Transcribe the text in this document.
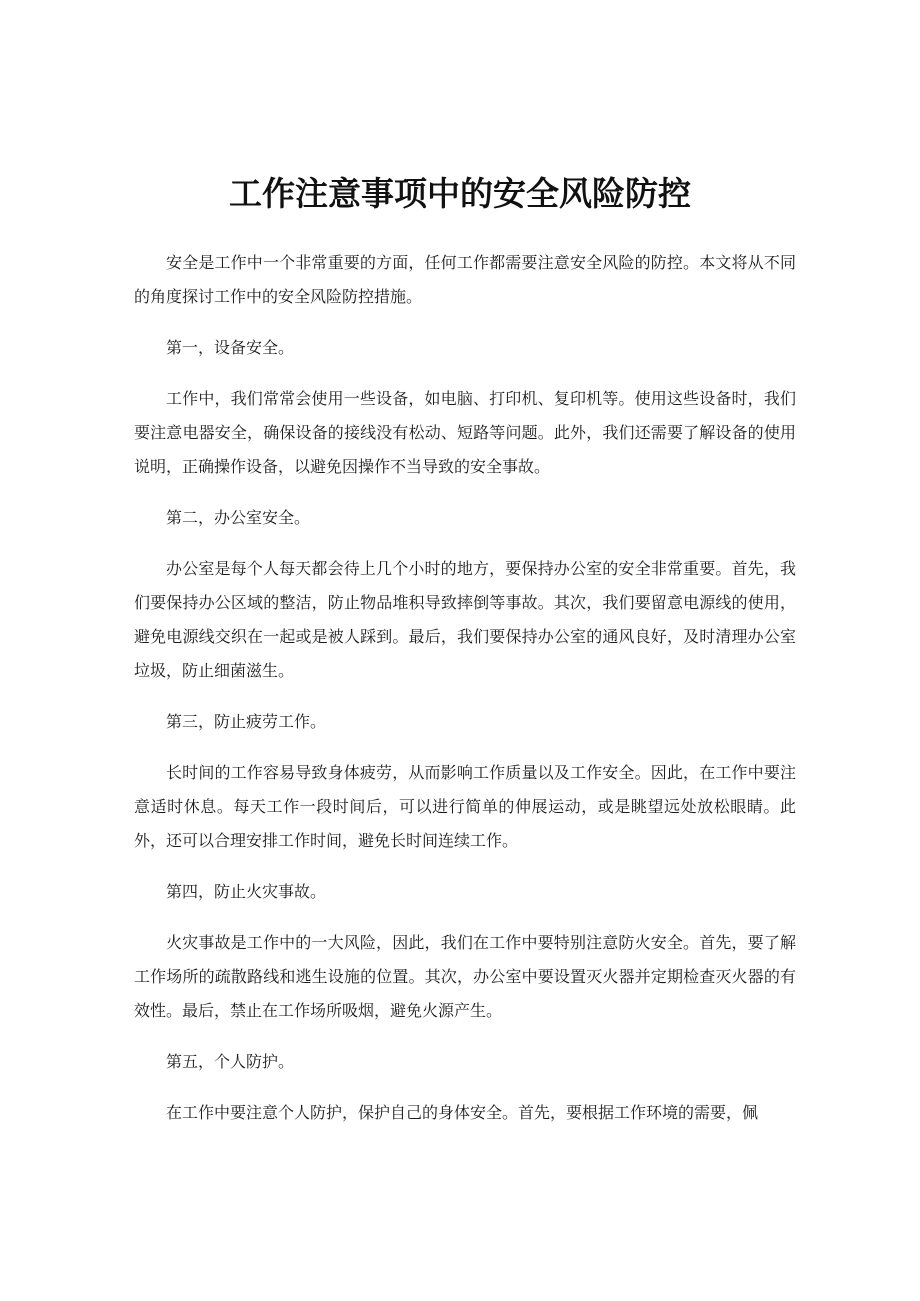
工作注意事项中的安全风险防控

安全是工作中一个非常重要的方面，任何工作都需要注意安全风险的防控。本文将从不同的角度探讨工作中的安全风险防控措施。

第一，设备安全。

工作中，我们常常会使用一些设备，如电脑、打印机、复印机等。使用这些设备时，我们要注意电器安全，确保设备的接线没有松动、短路等问题。此外，我们还需要了解设备的使用说明，正确操作设备，以避免因操作不当导致的安全事故。

第二，办公室安全。

办公室是每个人每天都会待上几个小时的地方，要保持办公室的安全非常重要。首先，我们要保持办公区域的整洁，防止物品堆积导致摔倒等事故。其次，我们要留意电源线的使用，避免电源线交织在一起或是被人踩到。最后，我们要保持办公室的通风良好，及时清理办公室垃圾，防止细菌滋生。

第三，防止疲劳工作。

长时间的工作容易导致身体疲劳，从而影响工作质量以及工作安全。因此，在工作中要注意适时休息。每天工作一段时间后，可以进行简单的伸展运动，或是眺望远处放松眼睛。此外，还可以合理安排工作时间，避免长时间连续工作。

第四，防止火灾事故。

火灾事故是工作中的一大风险，因此，我们在工作中要特别注意防火安全。首先，要了解工作场所的疏散路线和逃生设施的位置。其次，办公室中要设置灭火器并定期检查灭火器的有效性。最后，禁止在工作场所吸烟，避免火源产生。

第五，个人防护。

在工作中要注意个人防护，保护自己的身体安全。首先，要根据工作环境的需要，佩
